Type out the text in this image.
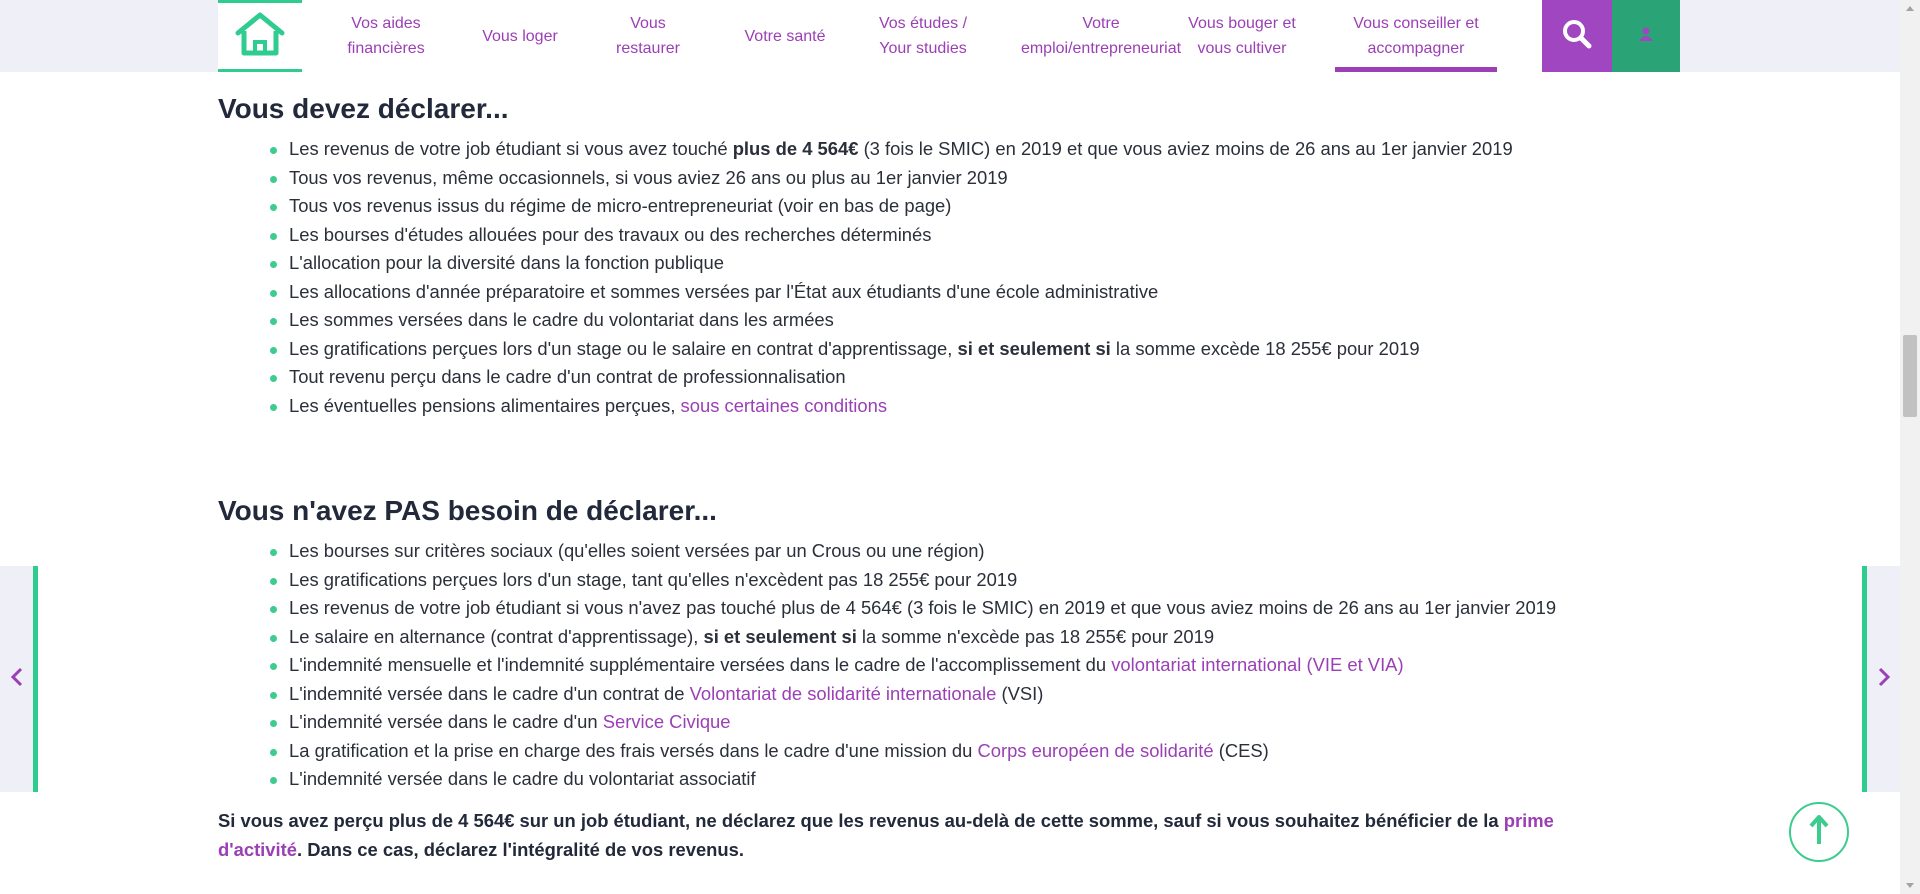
Vos aides
financières
Vous loger
Vous
restaurer
Votre santé
Vos études /
Your studies
Votre
emploi/entrepreneuriat
Vous bouger et
vous cultiver
Vous conseiller et
accompagner
Vous devez déclarer...
Les revenus de votre job étudiant si vous avez touché plus de 4 564€ (3 fois le SMIC) en 2019 et que vous aviez moins de 26 ans au 1er janvier 2019
Tous vos revenus, même occasionnels, si vous aviez 26 ans ou plus au 1er janvier 2019
Tous vos revenus issus du régime de micro-entrepreneuriat (voir en bas de page)
Les bourses d'études allouées pour des travaux ou des recherches déterminés
L'allocation pour la diversité dans la fonction publique
Les allocations d'année préparatoire et sommes versées par l'État aux étudiants d'une école administrative
Les sommes versées dans le cadre du volontariat dans les armées
Les gratifications perçues lors d'un stage ou le salaire en contrat d'apprentissage, si et seulement si la somme excède 18 255€ pour 2019
Tout revenu perçu dans le cadre d'un contrat de professionnalisation
Les éventuelles pensions alimentaires perçues, sous certaines conditions
Vous n'avez PAS besoin de déclarer...
Les bourses sur critères sociaux (qu'elles soient versées par un Crous ou une région)
Les gratifications perçues lors d'un stage, tant qu'elles n'excèdent pas 18 255€ pour 2019
Les revenus de votre job étudiant si vous n'avez pas touché plus de 4 564€ (3 fois le SMIC) en 2019 et que vous aviez moins de 26 ans au 1er janvier 2019
Le salaire en alternance (contrat d'apprentissage), si et seulement si la somme n'excède pas 18 255€ pour 2019
L'indemnité mensuelle et l'indemnité supplémentaire versées dans le cadre de l'accomplissement du volontariat international (VIE et VIA)
L'indemnité versée dans le cadre d'un contrat de Volontariat de solidarité internationale (VSI)
L'indemnité versée dans le cadre d'un Service Civique
La gratification et la prise en charge des frais versés dans le cadre d'une mission du Corps européen de solidarité (CES)
L'indemnité versée dans le cadre du volontariat associatif

Si vous avez perçu plus de 4 564€ sur un job étudiant, ne déclarez que les revenus au-delà de cette somme, sauf si vous souhaitez bénéficier de la prime
d'activité. Dans ce cas, déclarez l'intégralité de vos revenus.
